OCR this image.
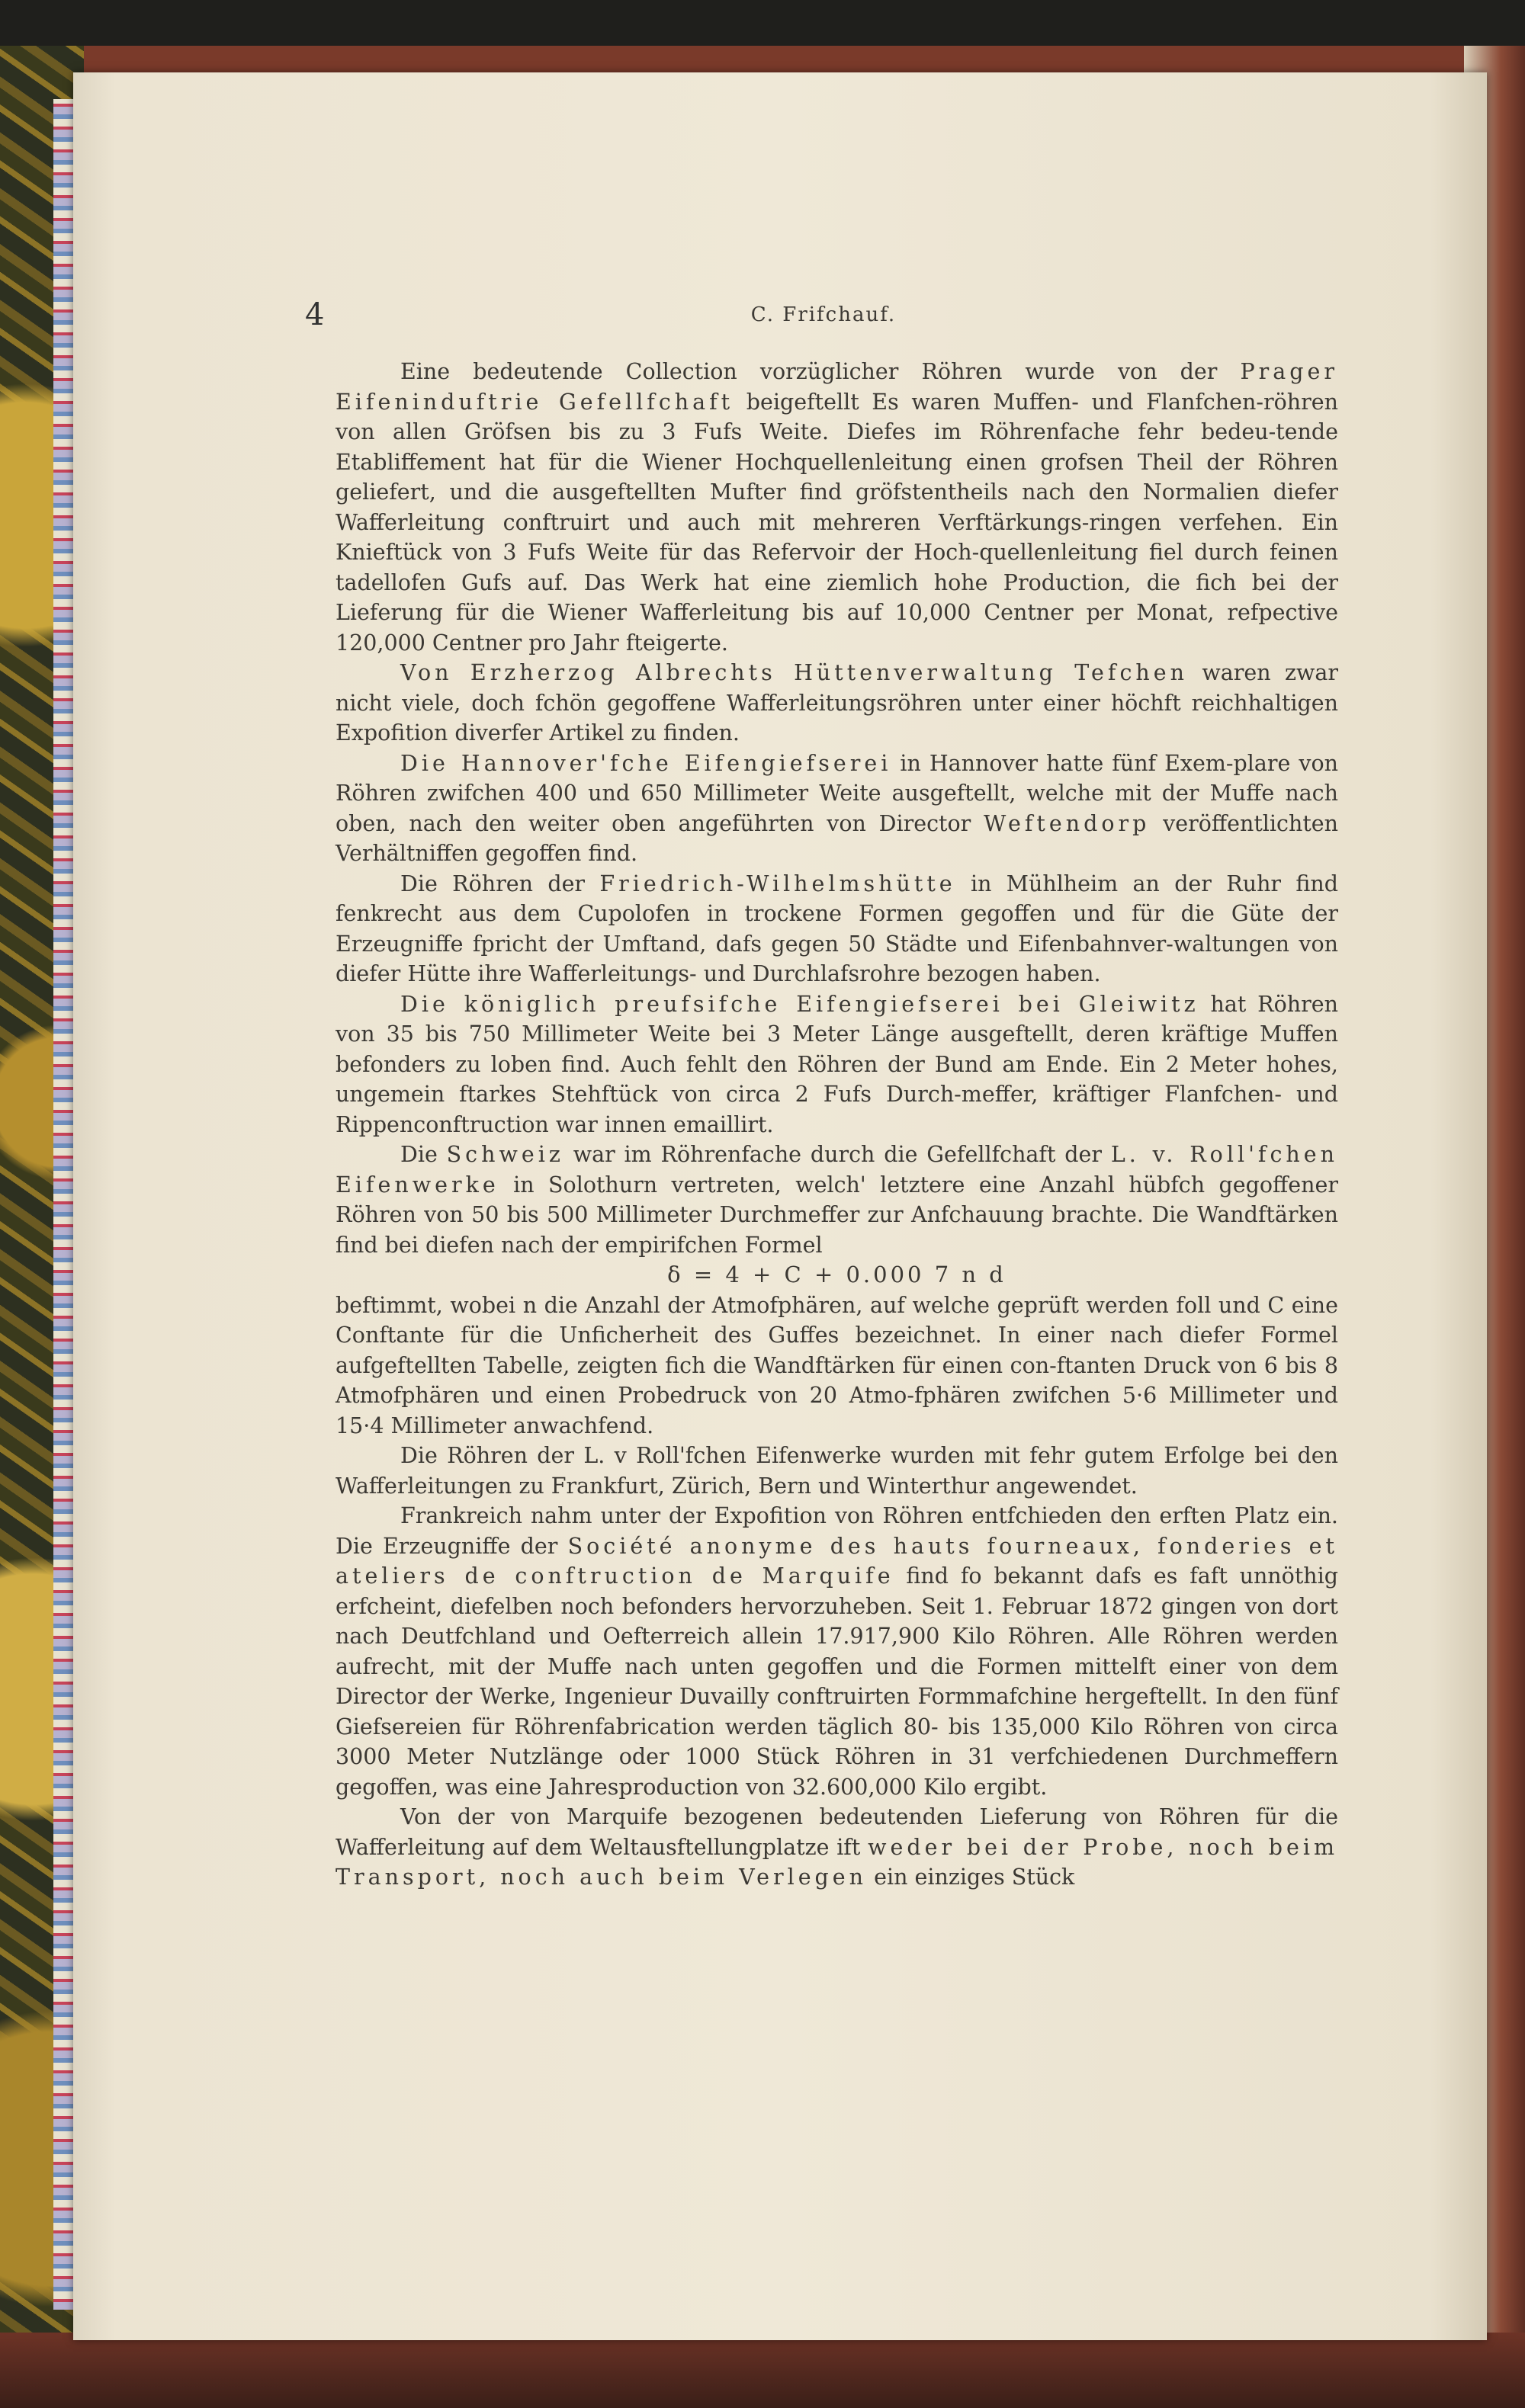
4	C. Frifchauf.

Eine bedeutende Collection vorzüglicher Röhren wurde von der Prager Eifeninduftrie Gefellfchaft beigeftellt Es waren Muffen- und Flanfchen-röhren von allen Gröfsen bis zu 3 Fufs Weite. Diefes im Röhrenfache fehr bedeu-tende Etabliffement hat für die Wiener Hochquellenleitung einen grofsen Theil der Röhren geliefert, und die ausgeftellten Mufter find gröfstentheils nach den Normalien diefer Wafferleitung conftruirt und auch mit mehreren Verftärkungs-ringen verfehen. Ein Knieftück von 3 Fufs Weite für das Refervoir der Hoch-quellenleitung fiel durch feinen tadellofen Gufs auf. Das Werk hat eine ziemlich hohe Production, die fich bei der Lieferung für die Wiener Wafferleitung bis auf 10,000 Centner per Monat, refpective 120,000 Centner pro Jahr fteigerte.

Von Erzherzog Albrechts Hüttenverwaltung Tefchen waren zwar nicht viele, doch fchön gegoffene Wafferleitungsröhren unter einer höchft reichhaltigen Expofition diverfer Artikel zu finden.

Die Hannover'fche Eifengiefserei in Hannover hatte fünf Exem-plare von Röhren zwifchen 400 und 650 Millimeter Weite ausgeftellt, welche mit der Muffe nach oben, nach den weiter oben angeführten von Director Weftendorp veröffentlichten Verhältniffen gegoffen find.

Die Röhren der Friedrich-Wilhelmshütte in Mühlheim an der Ruhr find fenkrecht aus dem Cupolofen in trockene Formen gegoffen und für die Güte der Erzeugniffe fpricht der Umftand, dafs gegen 50 Städte und Eifenbahnver-waltungen von diefer Hütte ihre Wafferleitungs- und Durchlafsrohre bezogen haben.

Die königlich preufsifche Eifengiefserei bei Gleiwitz hat Röhren von 35 bis 750 Millimeter Weite bei 3 Meter Länge ausgeftellt, deren kräftige Muffen befonders zu loben find. Auch fehlt den Röhren der Bund am Ende. Ein 2 Meter hohes, ungemein ftarkes Stehftück von circa 2 Fufs Durch-meffer, kräftiger Flanfchen- und Rippenconftruction war innen emaillirt.

Die Schweiz war im Röhrenfache durch die Gefellfchaft der L. v. Roll'fchen Eifenwerke in Solothurn vertreten, welch' letztere eine Anzahl hübfch gegoffener Röhren von 50 bis 500 Millimeter Durchmeffer zur Anfchauung brachte. Die Wandftärken find bei diefen nach der empirifchen Formel

δ = 4 + C + 0.000 7 n d

beftimmt, wobei n die Anzahl der Atmofphären, auf welche geprüft werden foll und C eine Conftante für die Unficherheit des Guffes bezeichnet. In einer nach diefer Formel aufgeftellten Tabelle, zeigten fich die Wandftärken für einen con-ftanten Druck von 6 bis 8 Atmofphären und einen Probedruck von 20 Atmo-fphären zwifchen 5·6 Millimeter und 15·4 Millimeter anwachfend.

Die Röhren der L. v Roll'fchen Eifenwerke wurden mit fehr gutem Erfolge bei den Wafferleitungen zu Frankfurt, Zürich, Bern und Winterthur angewendet.

Frankreich nahm unter der Expofition von Röhren entfchieden den erften Platz ein. Die Erzeugniffe der Société anonyme des hauts fourneaux, fonderies et ateliers de conftruction de Marquife find fo bekannt dafs es faft unnöthig erfcheint, diefelben noch befonders hervorzuheben. Seit 1. Februar 1872 gingen von dort nach Deutfchland und Oefterreich allein 17.917,900 Kilo Röhren. Alle Röhren werden aufrecht, mit der Muffe nach unten gegoffen und die Formen mittelft einer von dem Director der Werke, Ingenieur Duvailly conftruirten Formmafchine hergeftellt. In den fünf Giefsereien für Röhrenfabrication werden täglich 80- bis 135,000 Kilo Röhren von circa 3000 Meter Nutzlänge oder 1000 Stück Röhren in 31 verfchiedenen Durchmeffern gegoffen, was eine Jahresproduction von 32.600,000 Kilo ergibt.

Von der von Marquife bezogenen bedeutenden Lieferung von Röhren für die Wafferleitung auf dem Weltausftellungplatze ift weder bei der Probe, noch beim Transport, noch auch beim Verlegen ein einziges Stück
